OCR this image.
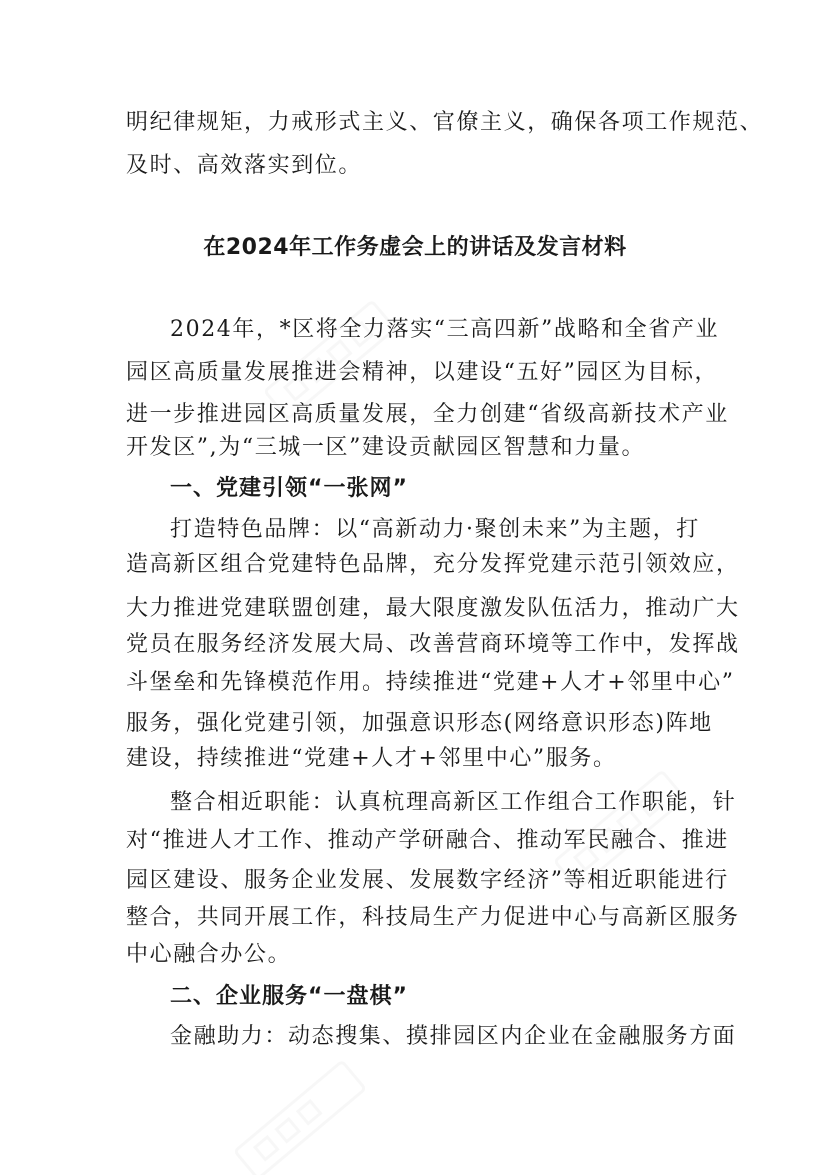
明纪律规矩，力戒形式主义、官僚主义，确保各项工作规范、
及时、高效落实到位。
在2024年工作务虚会上的讲话及发言材料
2024年，*区将全力落实“三高四新”战略和全省产业
园区高质量发展推进会精神，以建设“五好”园区为目标，
进一步推进园区高质量发展，全力创建“省级高新技术产业
开发区”,为“三城一区”建设贡献园区智慧和力量。
一、党建引领“一张网”
打造特色品牌：以“高新动力·聚创未来”为主题，打
造高新区组合党建特色品牌，充分发挥党建示范引领效应，
大力推进党建联盟创建，最大限度激发队伍活力，推动广大
党员在服务经济发展大局、改善营商环境等工作中，发挥战
斗堡垒和先锋模范作用。持续推进“党建+人才+邻里中心”
服务，强化党建引领，加强意识形态(网络意识形态)阵地
建设，持续推进“党建+人才+邻里中心”服务。
整合相近职能：认真杭理高新区工作组合工作职能，针
对“推进人才工作、推动产学研融合、推动军民融合、推进
园区建设、服务企业发展、发展数字经济”等相近职能进行
整合，共同开展工作，科技局生产力促进中心与高新区服务
中心融合办公。
二、企业服务“一盘棋”
金融助力：动态搜集、摸排园区内企业在金融服务方面
